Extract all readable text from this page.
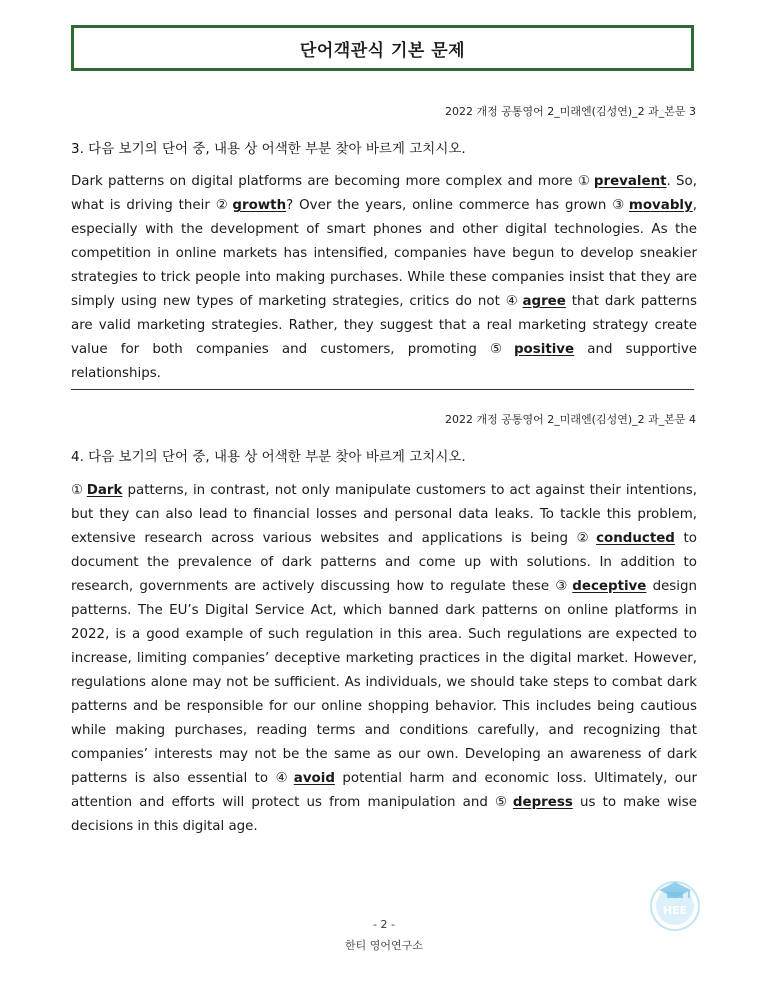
단어객관식 기본 문제
2022 개정 공통영어 2_미래엔(김성연)_2 과_본문 3
3. 다음 보기의 단어 중, 내용 상 어색한 부분 찾아 바르게 고치시오.
Dark patterns on digital platforms are becoming more complex and more ① prevalent. So, what is driving their ② growth? Over the years, online commerce has grown ③ movably, especially with the development of smart phones and other digital technologies. As the competition in online markets has intensified, companies have begun to develop sneakier strategies to trick people into making purchases. While these companies insist that they are simply using new types of marketing strategies, critics do not ④ agree that dark patterns are valid marketing strategies. Rather, they suggest that a real marketing strategy create value for both companies and customers, promoting ⑤ positive and supportive relationships.
2022 개정 공통영어 2_미래엔(김성연)_2 과_본문 4
4. 다음 보기의 단어 중, 내용 상 어색한 부분 찾아 바르게 고치시오.
① Dark patterns, in contrast, not only manipulate customers to act against their intentions, but they can also lead to financial losses and personal data leaks. To tackle this problem, extensive research across various websites and applications is being ② conducted to document the prevalence of dark patterns and come up with solutions. In addition to research, governments are actively discussing how to regulate these ③ deceptive design patterns. The EU’s Digital Service Act, which banned dark patterns on online platforms in 2022, is a good example of such regulation in this area. Such regulations are expected to increase, limiting companies’ deceptive marketing practices in the digital market. However, regulations alone may not be sufficient. As individuals, we should take steps to combat dark patterns and be responsible for our online shopping behavior. This includes being cautious while making purchases, reading terms and conditions carefully, and recognizing that companies’ interests may not be the same as our own. Developing an awareness of dark patterns is also essential to ④ avoid potential harm and economic loss. Ultimately, our attention and efforts will protect us from manipulation and ⑤ depress us to make wise decisions in this digital age.
- 2 -
한티 영어연구소
HEE
